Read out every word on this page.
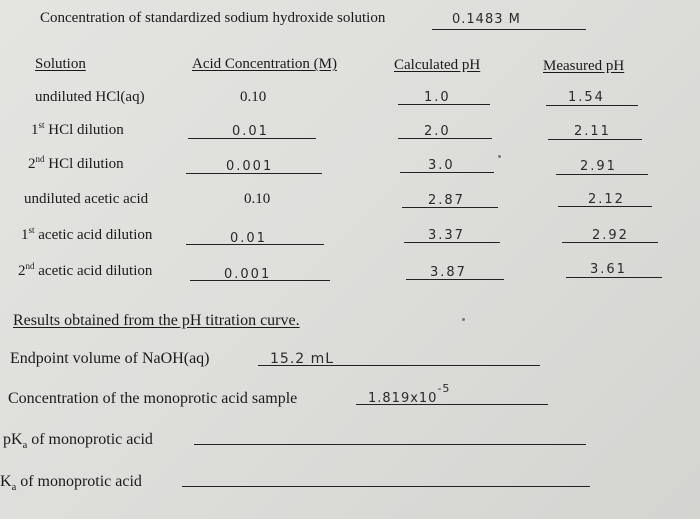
Concentration of standardized sodium hydroxide solution	0.1483 M
Solution	Acid Concentration (M)	Calculated pH	Measured pH
undiluted HCl(aq)	0.10	1.0	1.54
1st HCl dilution	0.01	2.0	2.11
2nd HCl dilution	0.001	3.0	2.91
undiluted acetic acid	0.10	2.87	2.12
1st acetic acid dilution	0.01	3.37	2.92
2nd acetic acid dilution	0.001	3.87	3.61
Results obtained from the pH titration curve.
Endpoint volume of NaOH(aq)	15.2 mL
Concentration of the monoprotic acid sample	$1.819x10^{-5}$
$pK_a$ of monoprotic acid
$K_a$ of monoprotic acid
